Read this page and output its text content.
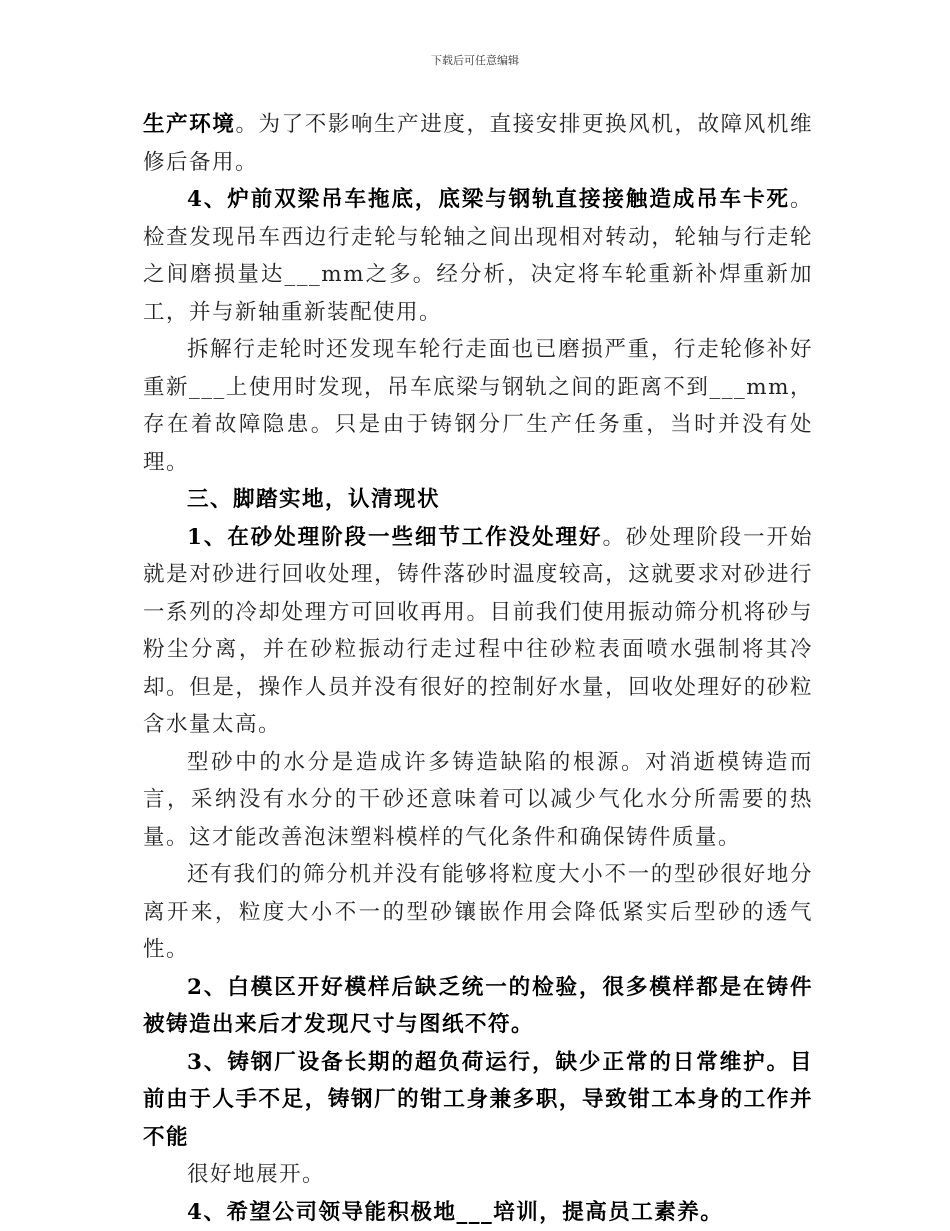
下载后可任意编辑

生产环境。为了不影响生产进度，直接安排更换风机，故障风机维修后备用。

4、炉前双梁吊车拖底，底梁与钢轨直接接触造成吊车卡死。检查发现吊车西边行走轮与轮轴之间出现相对转动，轮轴与行走轮之间磨损量达___mm之多。经分析，决定将车轮重新补焊重新加工，并与新轴重新装配使用。

拆解行走轮时还发现车轮行走面也已磨损严重，行走轮修补好重新___上使用时发现，吊车底梁与钢轨之间的距离不到___mm，存在着故障隐患。只是由于铸钢分厂生产任务重，当时并没有处理。

三、脚踏实地，认清现状

1、在砂处理阶段一些细节工作没处理好。砂处理阶段一开始就是对砂进行回收处理，铸件落砂时温度较高，这就要求对砂进行一系列的冷却处理方可回收再用。目前我们使用振动筛分机将砂与粉尘分离，并在砂粒振动行走过程中往砂粒表面喷水强制将其冷却。但是，操作人员并没有很好的控制好水量，回收处理好的砂粒含水量太高。

型砂中的水分是造成许多铸造缺陷的根源。对消逝模铸造而言，采纳没有水分的干砂还意味着可以减少气化水分所需要的热量。这才能改善泡沫塑料模样的气化条件和确保铸件质量。

还有我们的筛分机并没有能够将粒度大小不一的型砂很好地分离开来，粒度大小不一的型砂镶嵌作用会降低紧实后型砂的透气性。

2、白模区开好模样后缺乏统一的检验，很多模样都是在铸件被铸造出来后才发现尺寸与图纸不符。

3、铸钢厂设备长期的超负荷运行，缺少正常的日常维护。目前由于人手不足，铸钢厂的钳工身兼多职，导致钳工本身的工作并不能

很好地展开。

4、希望公司领导能积极地___培训，提高员工素养。
